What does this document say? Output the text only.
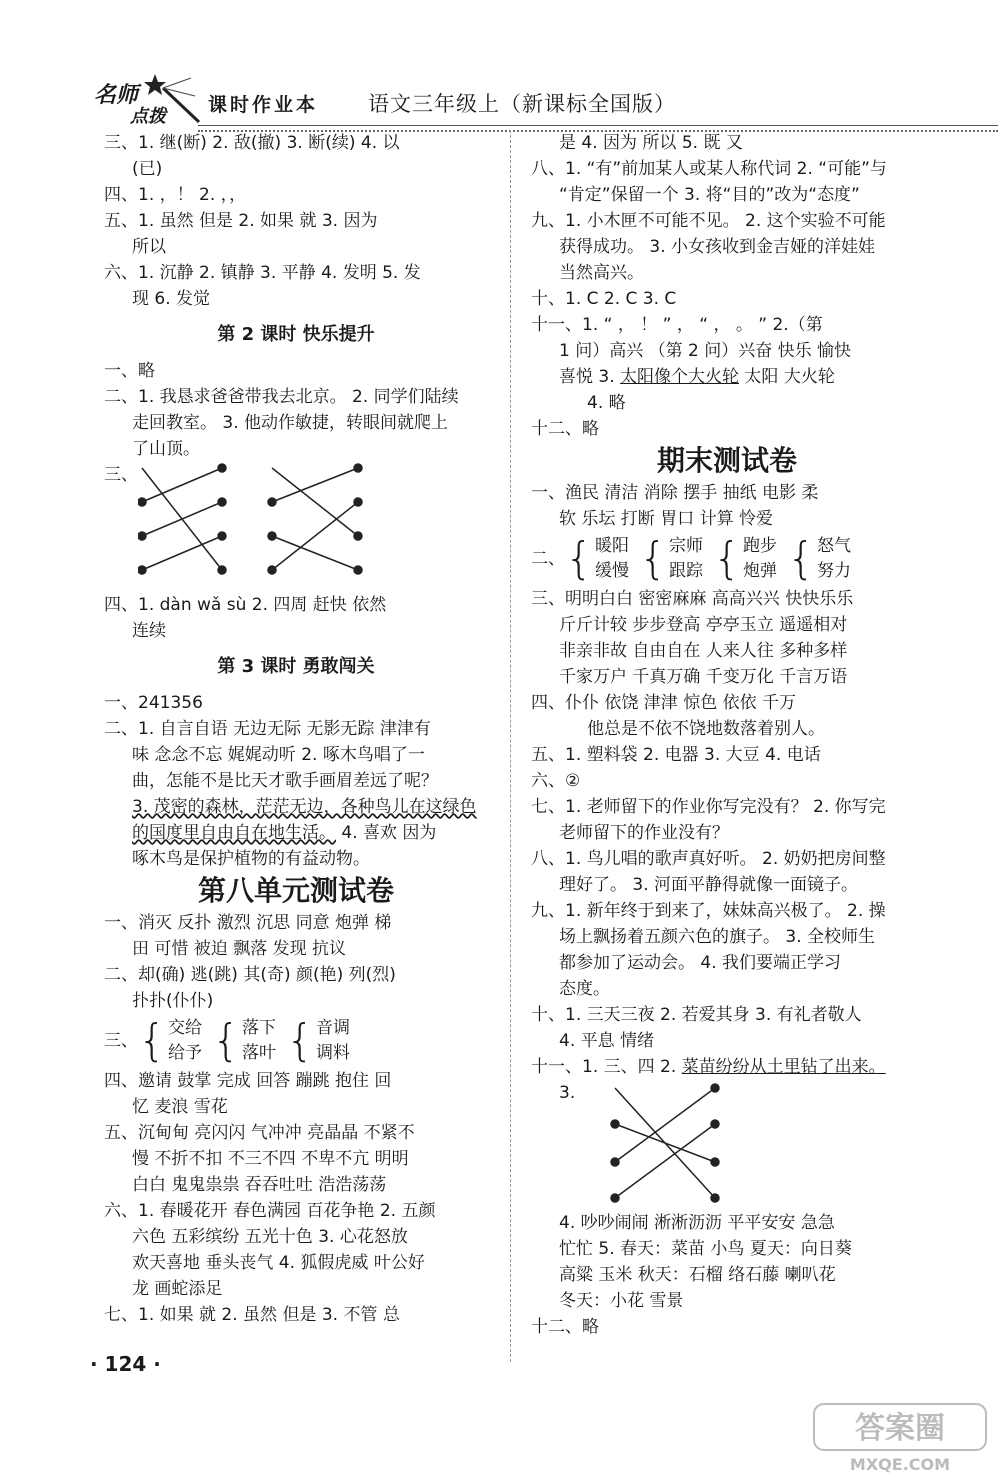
名师
点拨
课时作业本 语文三年级上（新课标全国版）
三、1. 继(断) 2. 敌(撤) 3. 断(续) 4. 以
(已)
四、1. ，！ 2. ，，
五、1. 虽然 但是 2. 如果 就 3. 因为
所以
六、1. 沉静 2. 镇静 3. 平静 4. 发明 5. 发
现 6. 发觉
第 2 课时 快乐提升
一、略
二、1. 我恳求爸爸带我去北京。 2. 同学们陆续
走回教室。 3. 他动作敏捷，转眼间就爬上
了山顶。
三、
四、1. dàn wǎ sù 2. 四周 赶快 依然
连续
第 3 课时 勇敢闯关
一、241356
二、1. 自言自语 无边无际 无影无踪 津津有
味 念念不忘 娓娓动听 2. 啄木鸟唱了一
曲，怎能不是比天才歌手画眉差远了呢？
3. 茂密的森林，茫茫无边，各种鸟儿在这绿色
的国度里自由自在地生活。 4. 喜欢 因为
啄木鸟是保护植物的有益动物。
第八单元测试卷
一、消灭 反扑 激烈 沉思 同意 炮弹 梯
田 可惜 被迫 飘落 发现 抗议
二、却(确) 逃(跳) 其(奇) 颜(艳) 列(烈)
扑扑(仆仆)
三、 { 交给
给予 { 落下
落叶 { 音调
调料
四、邀请 鼓掌 完成 回答 蹦跳 抱住 回
忆 麦浪 雪花
五、沉甸甸 亮闪闪 气冲冲 亮晶晶 不紧不
慢 不折不扣 不三不四 不卑不亢 明明
白白 鬼鬼祟祟 吞吞吐吐 浩浩荡荡
六、1. 春暖花开 春色满园 百花争艳 2. 五颜
六色 五彩缤纷 五光十色 3. 心花怒放
欢天喜地 垂头丧气 4. 狐假虎威 叶公好
龙 画蛇添足
七、1. 如果 就 2. 虽然 但是 3. 不管 总
是 4. 因为 所以 5. 既 又
八、1. “有”前加某人或某人称代词 2. “可能”与
“肯定”保留一个 3. 将“目的”改为“态度”
九、1. 小木匣不可能不见。 2. 这个实验不可能
获得成功。 3. 小女孩收到金吉娅的洋娃娃
当然高兴。
十、1. C 2. C 3. C
十一、1. “ ， ！ ” ， “ ， 。 ” 2.（第
1 问）高兴 （第 2 问）兴奋 快乐 愉快
喜悦 3. 太阳像个大火轮 太阳 大火轮
4. 略
十二、略
期末测试卷
一、渔民 清洁 消除 摆手 抽纸 电影 柔
软 乐坛 打断 胃口 计算 怜爱
二、 { 暖阳
缓慢 { 宗师
跟踪 { 跑步
炮弹 { 怒气
努力
三、明明白白 密密麻麻 高高兴兴 快快乐乐
斤斤计较 步步登高 亭亭玉立 遥遥相对
非亲非故 自由自在 人来人往 多种多样
千家万户 千真万确 千变万化 千言万语
四、仆仆 依饶 津津 惊色 依依 千万
他总是不依不饶地数落着别人。
五、1. 塑料袋 2. 电器 3. 大豆 4. 电话
六、②
七、1. 老师留下的作业你写完没有？ 2. 你写完
老师留下的作业没有？
八、1. 鸟儿唱的歌声真好听。 2. 奶奶把房间整
理好了。 3. 河面平静得就像一面镜子。
九、1. 新年终于到来了，妹妹高兴极了。 2. 操
场上飘扬着五颜六色的旗子。 3. 全校师生
都参加了运动会。 4. 我们要端正学习
态度。
十、1. 三天三夜 2. 若爱其身 3. 有礼者敬人
4. 平息 情绪
十一、1. 三、四 2. 菜苗纷纷从土里钻了出来。
3.
4. 吵吵闹闹 淅淅沥沥 平平安安 急急
忙忙 5. 春天：菜苗 小鸟 夏天：向日葵
高粱 玉米 秋天：石榴 络石藤 喇叭花
冬天：小花 雪景
十二、略
· 124 ·
答案圈
MXQE.COM
